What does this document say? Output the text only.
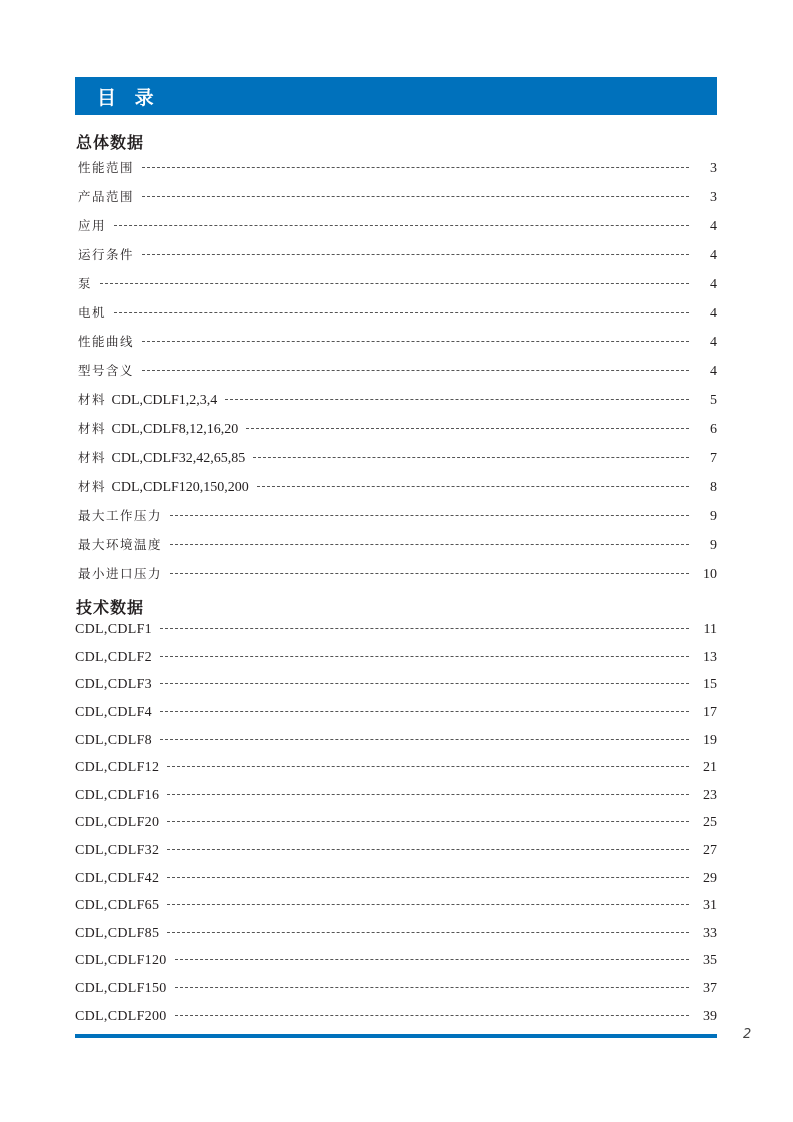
目 录
总体数据
性能范围	3
产品范围	3
应用	4
运行条件	4
泵	4
电机	4
性能曲线	4
型号含义	4
材料 CDL,CDLF1,2,3,4	5
材料 CDL,CDLF8,12,16,20	6
材料 CDL,CDLF32,42,65,85	7
材料 CDL,CDLF120,150,200	8
最大工作压力	9
最大环境温度	9
最小进口压力	10
技术数据
CDL,CDLF1	11
CDL,CDLF2	13
CDL,CDLF3	15
CDL,CDLF4	17
CDL,CDLF8	19
CDL,CDLF12	21
CDL,CDLF16	23
CDL,CDLF20	25
CDL,CDLF32	27
CDL,CDLF42	29
CDL,CDLF65	31
CDL,CDLF85	33
CDL,CDLF120	35
CDL,CDLF150	37
CDL,CDLF200	39
2
